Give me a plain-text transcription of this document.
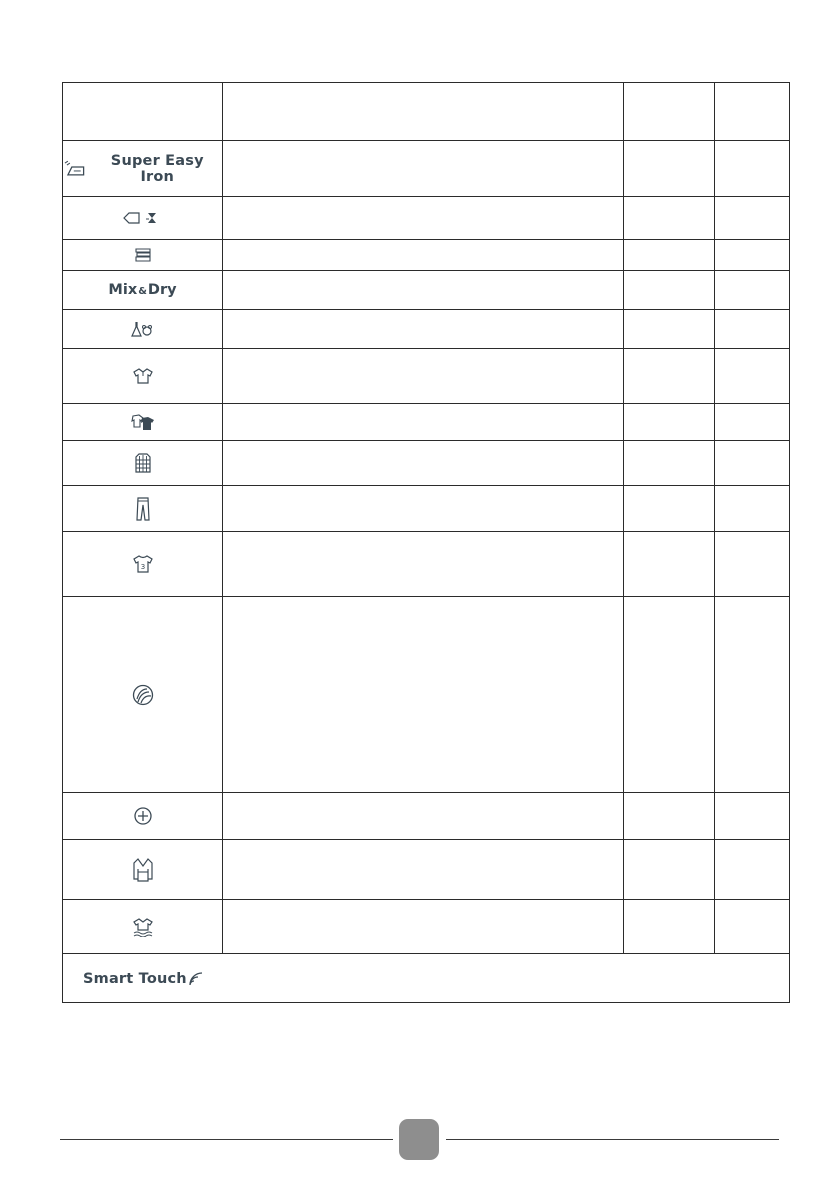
Super Easy Iron			

Mix&Dry			

3			

Smart Touch			
